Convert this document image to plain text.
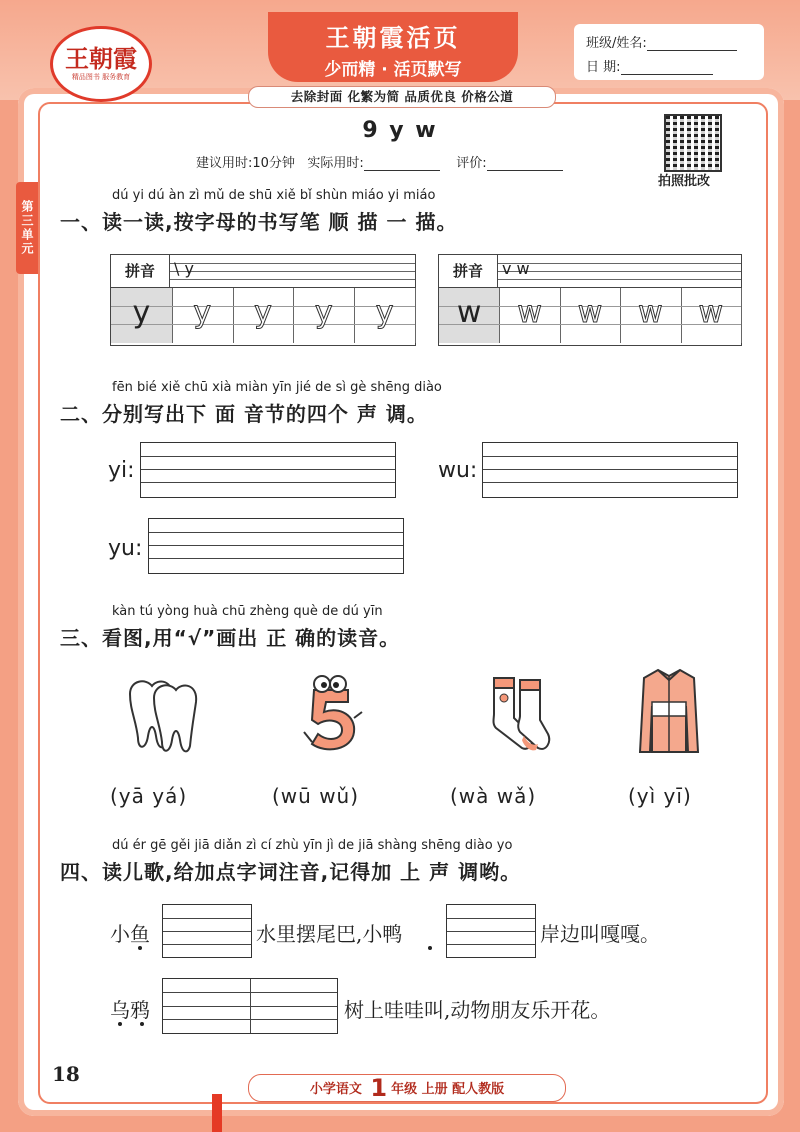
王朝霞
精品图书 服务教育
王朝霞活页
少而精 · 活页默写
去除封面 化繁为简 品质优良 价格公道
班级/姓名:
日 期:
第三单元
9 y w
建议用时:10分钟 实际用时:	评价:
拍照批改
dú yi dú àn zì mǔ de shū xiě bǐ shùn miáo yi miáo
一、读一读,按字母的书写笔 顺 描 一 描。
拼音	\ y
y	y	y	y	y
拼音	v w
w	w	w	w	w
fēn bié xiě chū xià miàn yīn jié de sì gè shēng diào
二、分别写出下 面 音节的四个 声 调。
yi:	wu:
yu:
kàn tú yòng huà chū zhèng què de dú yīn
三、看图,用“√”画出 正 确的读音。
(yā yá)	(wū wǔ)	(wà wǎ)	(yì yī)
dú ér gē gěi jiā diǎn zì cí zhù yīn jì de jiā shàng shēng diào yo
四、读儿歌,给加点字词注音,记得加 上 声 调哟。
小鱼	水里摆尾巴,小鸭	岸边叫嘎嘎。
乌鸦	树上哇哇叫,动物朋友乐开花。
18
小学语文 1 年级 上册 配人教版
